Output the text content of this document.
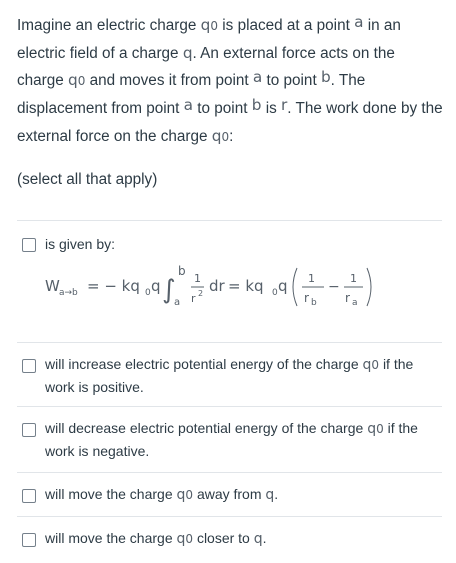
Imagine an electric charge q0 is placed at a point a in an electric field of a charge q. An external force acts on the charge q0 and moves it from point a to point b. The displacement from point a to point b is r. The work done by the external force on the charge q0:
(select all that apply)
is given by:
W a→b = − kq 0 q ∫
b
a
1
r 2 dr = kq 0 q 1
r b
−
1
r a
will increase electric potential energy of the charge q0 if the work is positive.
will decrease electric potential energy of the charge q0 if the work is negative.
will move the charge q0 away from q.
will move the charge q0 closer to q.
